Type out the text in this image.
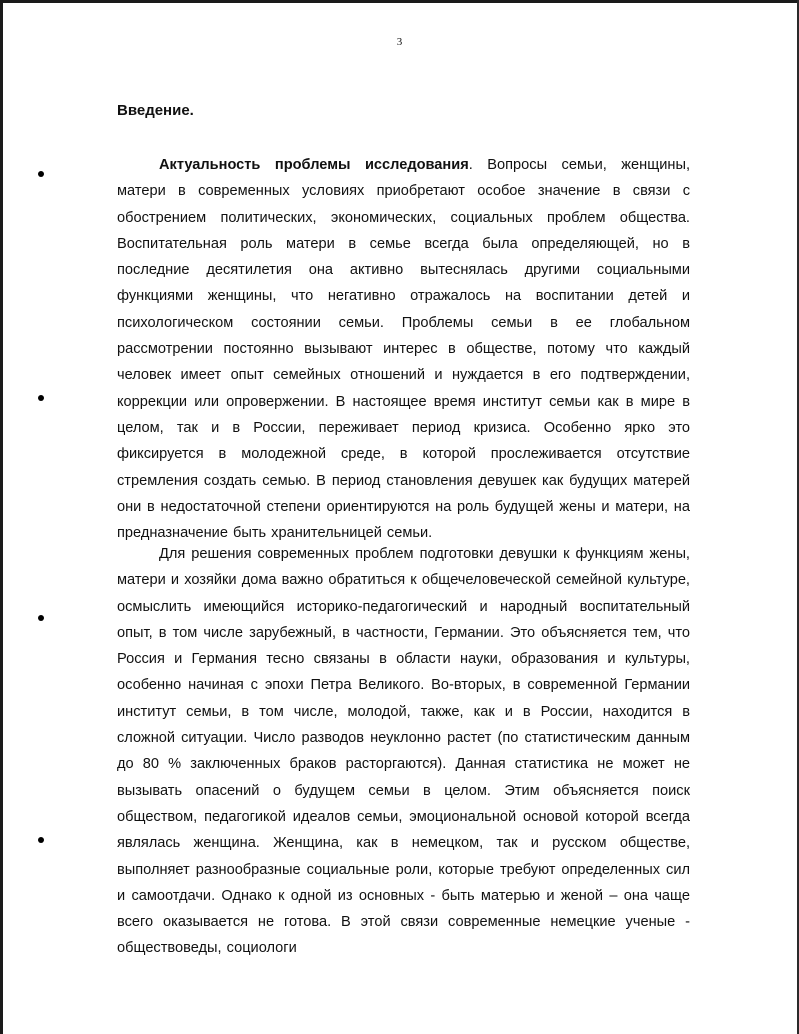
3
Введение.

Актуальность проблемы исследования. Вопросы семьи, женщины, матери в современных условиях приобретают особое значение в связи с обострением политических, экономических, социальных проблем общества. Воспитательная роль матери в семье всегда была определяющей, но в последние десятилетия она активно вытеснялась другими социальными функциями женщины, что негативно отражалось на воспитании детей и психологическом состоянии семьи. Проблемы семьи в ее глобальном рассмотрении постоянно вызывают интерес в обществе, потому что каждый человек имеет опыт семейных отношений и нуждается в его подтверждении, коррекции или опровержении. В настоящее время институт семьи как в мире в целом, так и в России, переживает период кризиса. Особенно ярко это фиксируется в молодежной среде, в которой прослеживается отсутствие стремления создать семью. В период становления девушек как будущих матерей они в недостаточной степени ориентируются на роль будущей жены и матери, на предназначение быть хранительницей семьи.

Для решения современных проблем подготовки девушки к функциям жены, матери и хозяйки дома важно обратиться к общечеловеческой семейной культуре, осмыслить имеющийся историко-педагогический и народный воспитательный опыт, в том числе зарубежный, в частности, Германии. Это объясняется тем, что Россия и Германия тесно связаны в области науки, образования и культуры, особенно начиная с эпохи Петра Великого. Во-вторых, в современной Германии институт семьи, в том числе, молодой, также, как и в России, находится в сложной ситуации. Число разводов неуклонно растет (по статистическим данным до 80 % заключенных браков расторгаются). Данная статистика не может не вызывать опасений о будущем семьи в целом. Этим объясняется поиск обществом, педагогикой идеалов семьи, эмоциональной основой которой всегда являлась женщина. Женщина, как в немецком, так и русском обществе, выполняет разнообразные социальные роли, которые требуют определенных сил и самоотдачи. Однако к одной из основных - быть матерью и женой – она чаще всего оказывается не готова. В этой связи современные немецкие ученые - обществоведы, социологи
